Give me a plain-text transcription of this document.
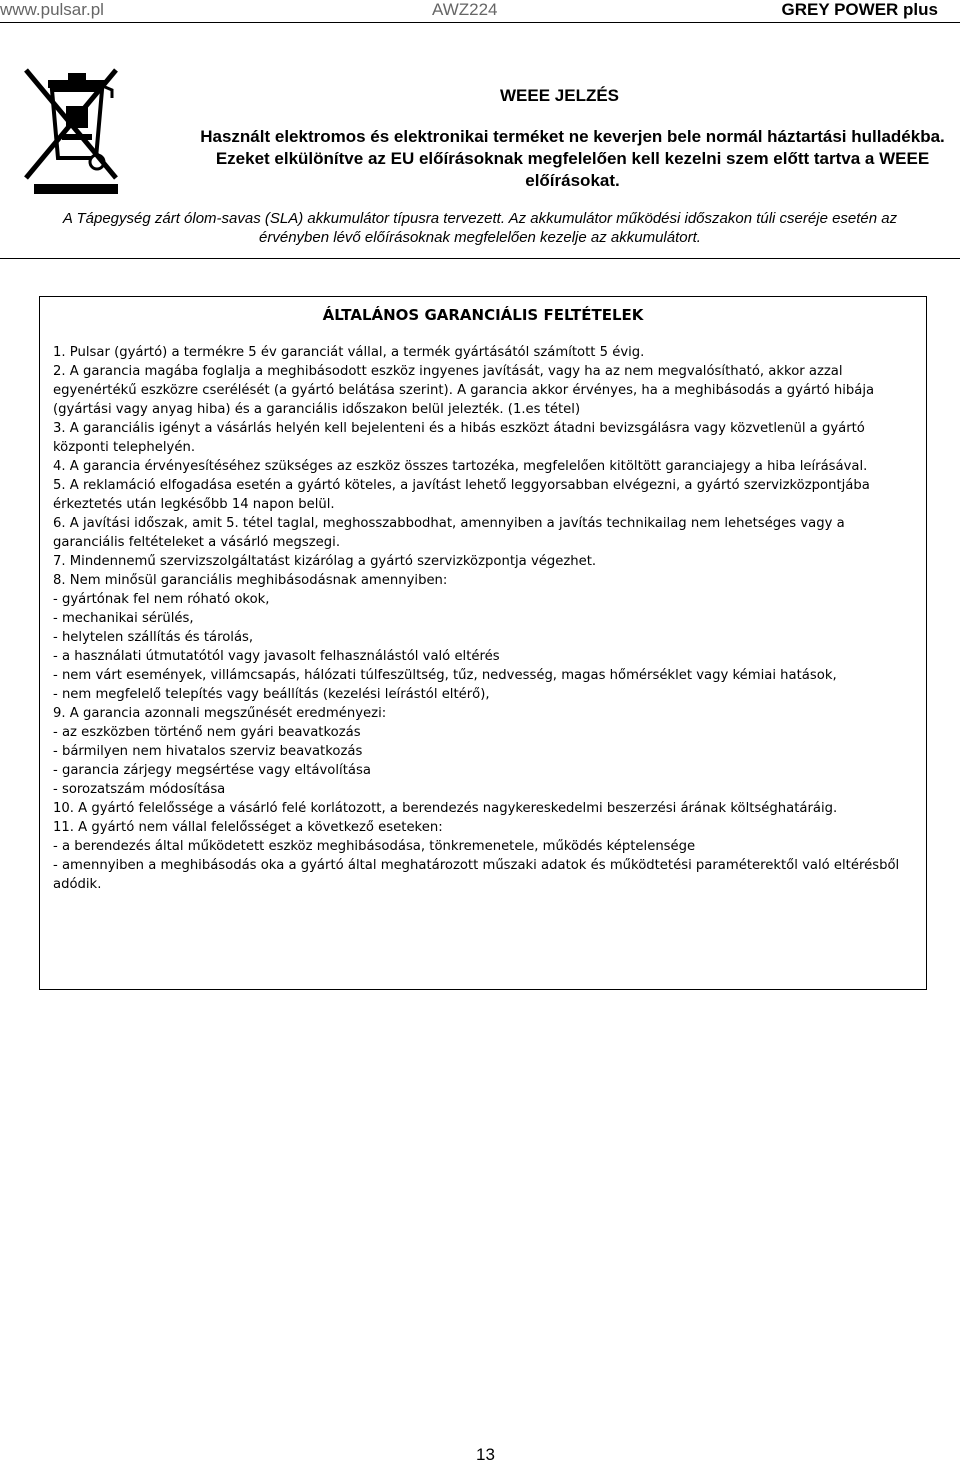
www.pulsar.pl	AWZ224	GREY POWER plus
WEEE JELZÉS
Használt elektromos és elektronikai terméket ne keverjen bele normál háztartási hulladékba. Ezeket elkülönítve az EU előírásoknak megfelelően kell kezelni szem előtt tartva a WEEE előírásokat.
A Tápegység zárt ólom-savas (SLA) akkumulátor típusra tervezett. Az akkumulátor működési időszakon túli cseréje esetén az érvényben lévő előírásoknak megfelelően kezelje az akkumulátort.
ÁLTALÁNOS GARANCIÁLIS FELTÉTELEK

1. Pulsar (gyártó) a termékre 5 év garanciát vállal, a termék gyártásától számított 5 évig.

2. A garancia magába foglalja a meghibásodott eszköz ingyenes javítását, vagy ha az nem megvalósítható, akkor azzal egyenértékű eszközre cserélését (a gyártó belátása szerint). A garancia akkor érvényes, ha a meghibásodás a gyártó hibája (gyártási vagy anyag hiba) és a garanciális időszakon belül jelezték. (1.es tétel)

3. A garanciális igényt a vásárlás helyén kell bejelenteni és a hibás eszközt átadni bevizsgálásra vagy közvetlenül a gyártó központi telephelyén.

4. A garancia érvényesítéséhez szükséges az eszköz összes tartozéka, megfelelően kitöltött garanciajegy a hiba leírásával.

5. A reklamáció elfogadása esetén a gyártó köteles, a javítást lehető leggyorsabban elvégezni, a gyártó szervizközpontjába érkeztetés után legkésőbb 14 napon belül.

6. A javítási időszak, amit 5. tétel taglal, meghosszabbodhat, amennyiben a javítás technikailag nem lehetséges vagy a garanciális feltételeket a vásárló megszegi.

7. Mindennemű szervizszolgáltatást kizárólag a gyártó szervizközpontja végezhet.

8. Nem minősül garanciális meghibásodásnak amennyiben:

- gyártónak fel nem róható okok,

- mechanikai sérülés,

- helytelen szállítás és tárolás,

- a használati útmutatótól vagy javasolt felhasználástól való eltérés

- nem várt események, villámcsapás, hálózati túlfeszültség, tűz, nedvesség, magas hőmérséklet vagy kémiai hatások,

- nem megfelelő telepítés vagy beállítás (kezelési leírástól eltérő),

9. A garancia azonnali megszűnését eredményezi:

- az eszközben történő nem gyári beavatkozás

- bármilyen nem hivatalos szerviz beavatkozás

- garancia zárjegy megsértése vagy eltávolítása

- sorozatszám módosítása

10. A gyártó felelőssége a vásárló felé korlátozott, a berendezés nagykereskedelmi beszerzési árának költséghatáráig.

11. A gyártó nem vállal felelősséget a következő eseteken:

- a berendezés által működetett eszköz meghibásodása, tönkremenetele, működés képtelensége

- amennyiben a meghibásodás oka a gyártó által meghatározott műszaki adatok és működtetési paraméterektől való eltérésből adódik.

13
